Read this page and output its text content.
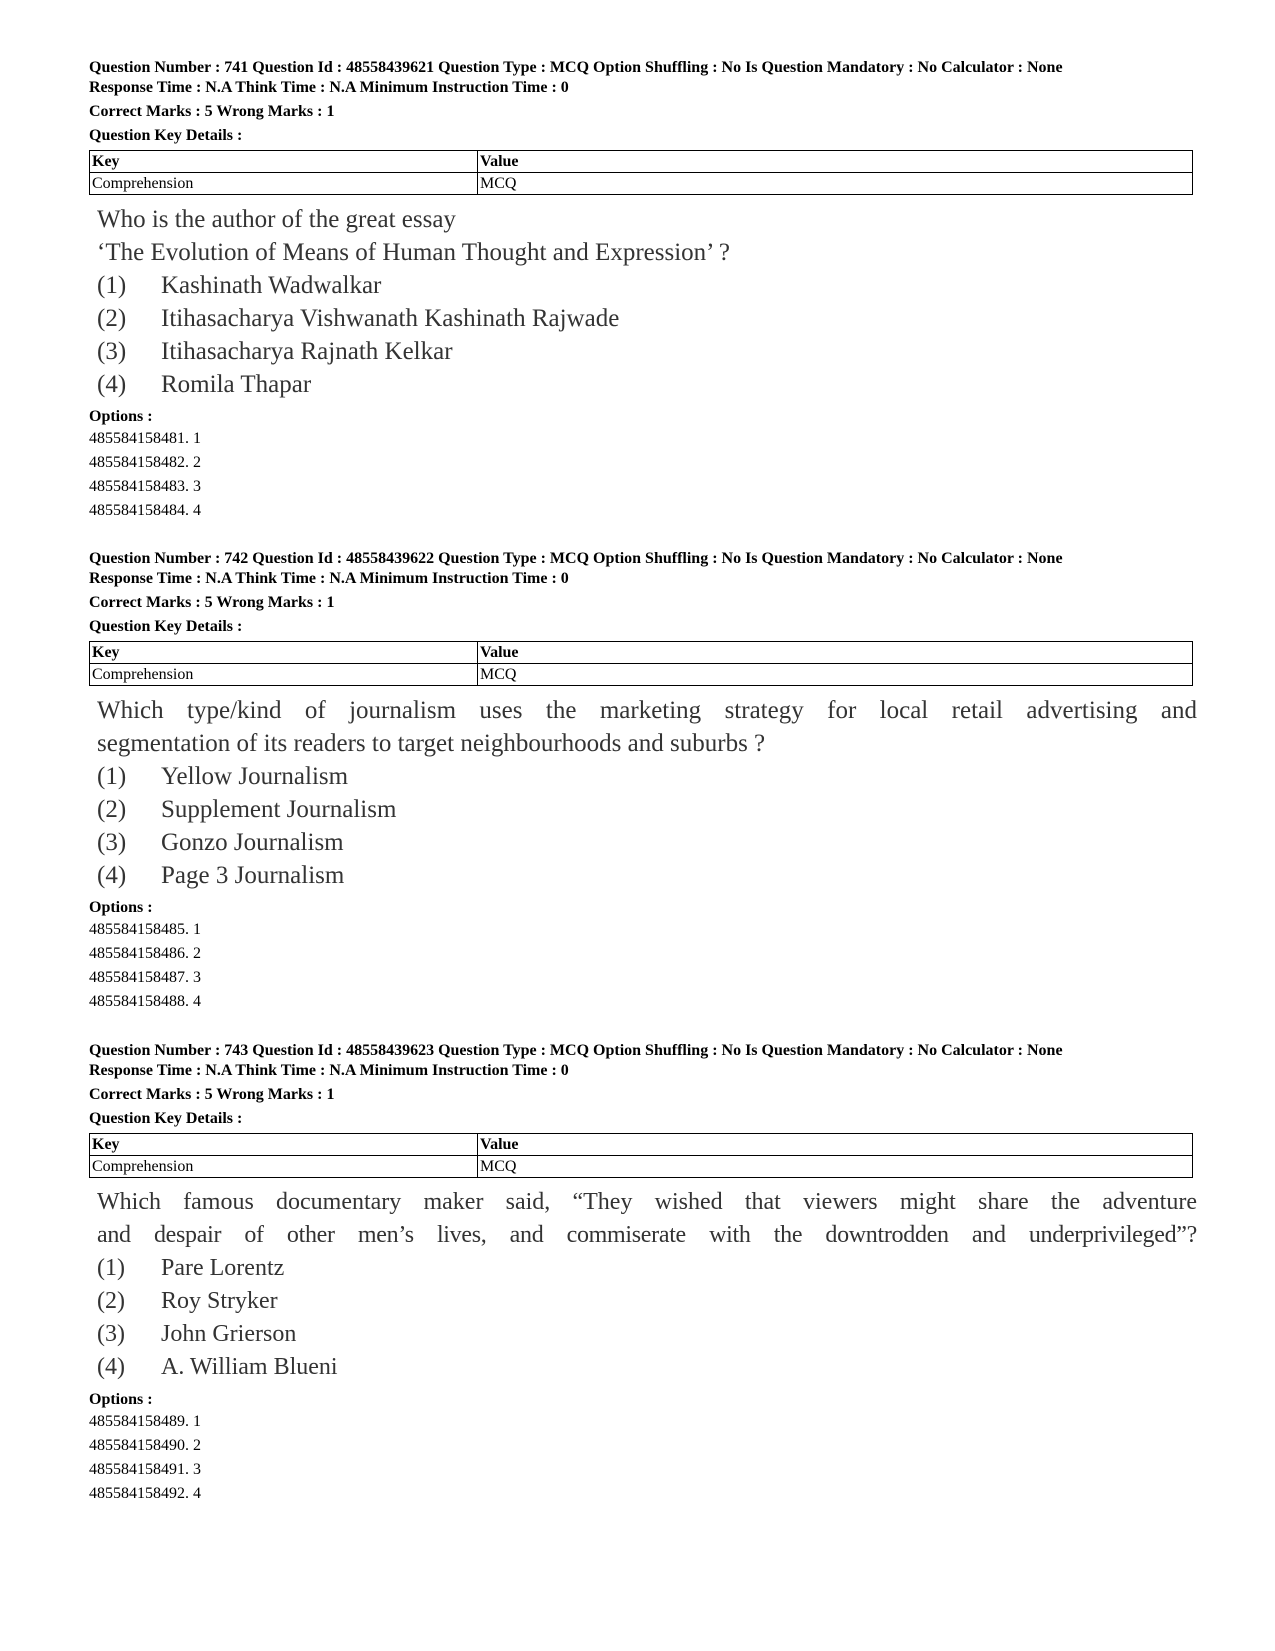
Question Number : 741 Question Id : 48558439621 Question Type : MCQ Option Shuffling : No Is Question Mandatory : No Calculator : None

Response Time : N.A Think Time : N.A Minimum Instruction Time : 0

Correct Marks : 5 Wrong Marks : 1

Question Key Details :

Key	Value
Comprehension	MCQ

Who is the author of the great essay

‘The Evolution of Means of Human Thought and Expression’ ?

(1)	Kashinath Wadwalkar
(2)	Itihasacharya Vishwanath Kashinath Rajwade
(3)	Itihasacharya Rajnath Kelkar
(4)	Romila Thapar
Options :
485584158481. 1
485584158482. 2
485584158483. 3
485584158484. 4

Question Number : 742 Question Id : 48558439622 Question Type : MCQ Option Shuffling : No Is Question Mandatory : No Calculator : None

Response Time : N.A Think Time : N.A Minimum Instruction Time : 0

Correct Marks : 5 Wrong Marks : 1

Question Key Details :

Key	Value
Comprehension	MCQ

Which type/kind of journalism uses the marketing strategy for local retail advertising and

segmentation of its readers to target neighbourhoods and suburbs ?

(1)	Yellow Journalism
(2)	Supplement Journalism
(3)	Gonzo Journalism
(4)	Page 3 Journalism
Options :
485584158485. 1
485584158486. 2
485584158487. 3
485584158488. 4

Question Number : 743 Question Id : 48558439623 Question Type : MCQ Option Shuffling : No Is Question Mandatory : No Calculator : None

Response Time : N.A Think Time : N.A Minimum Instruction Time : 0

Correct Marks : 5 Wrong Marks : 1

Question Key Details :

Key	Value
Comprehension	MCQ

Which famous documentary maker said, “They wished that viewers might share the adventure

and despair of other men’s lives, and commiserate with the downtrodden and underprivileged”?

(1)	Pare Lorentz
(2)	Roy Stryker
(3)	John Grierson
(4)	A. William Blueni
Options :
485584158489. 1
485584158490. 2
485584158491. 3
485584158492. 4
